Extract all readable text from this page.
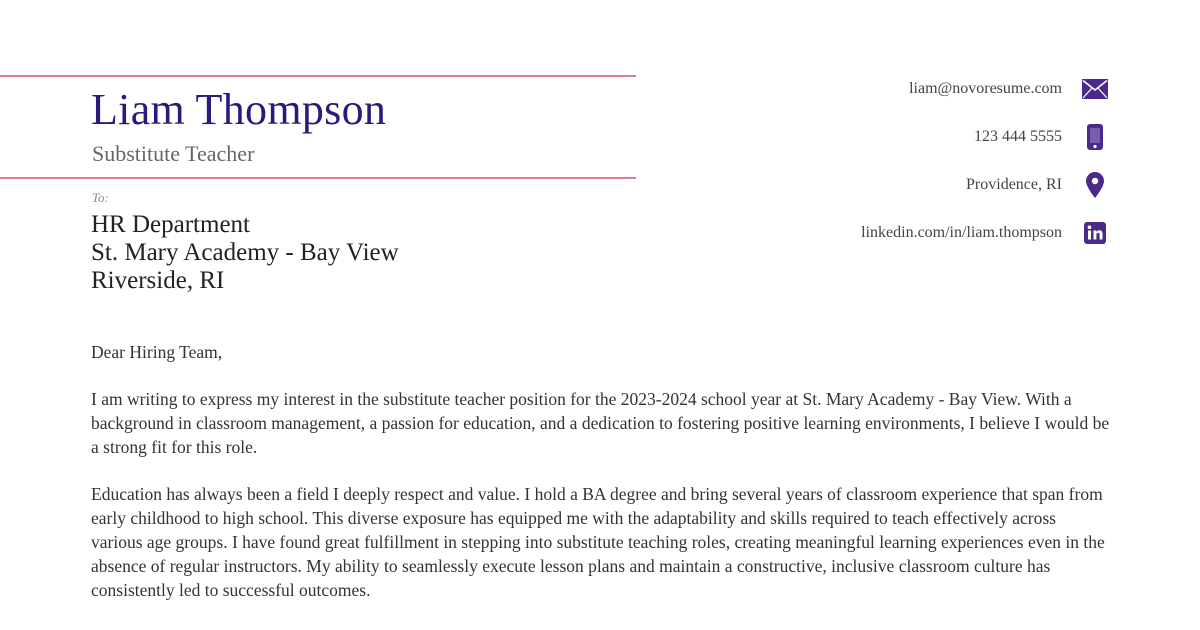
Liam Thompson
Substitute Teacher
To:
HR Department
St. Mary Academy - Bay View
Riverside, RI
liam@novoresume.com
123 444 5555
Providence, RI
linkedin.com/in/liam.thompson

Dear Hiring Team,

I am writing to express my interest in the substitute teacher position for the 2023-2024 school year at St. Mary Academy - Bay View. With a background in classroom management, a passion for education, and a dedication to fostering positive learning environments, I believe I would be a strong fit for this role.

Education has always been a field I deeply respect and value. I hold a BA degree and bring several years of classroom experience that span from early childhood to high school. This diverse exposure has equipped me with the adaptability and skills required to teach effectively across various age groups. I have found great fulfillment in stepping into substitute teaching roles, creating meaningful learning experiences even in the absence of regular instructors. My ability to seamlessly execute lesson plans and maintain a constructive, inclusive classroom culture has consistently led to successful outcomes.
